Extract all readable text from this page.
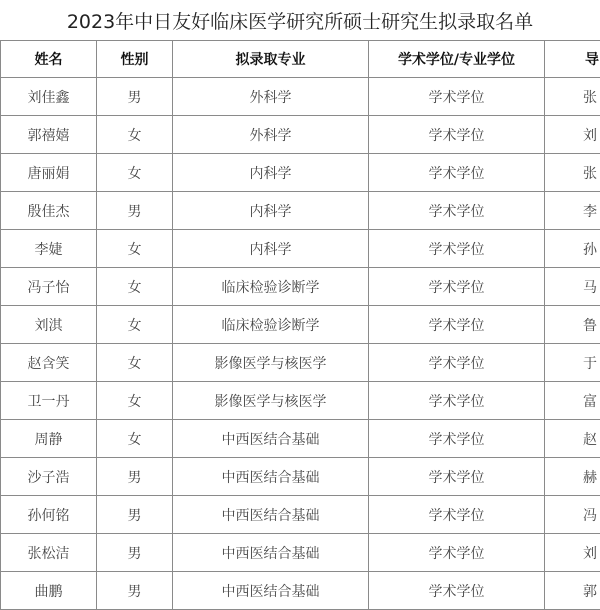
2023年中日友好临床医学研究所硕士研究生拟录取名单
姓名	性别	拟录取专业	学术学位/专业学位	导
刘佳鑫	男	外科学	学术学位	张
郭禧嬉	女	外科学	学术学位	刘
唐丽娟	女	内科学	学术学位	张
殷佳杰	男	内科学	学术学位	李
李婕	女	内科学	学术学位	孙
冯子怡	女	临床检验诊断学	学术学位	马
刘淇	女	临床检验诊断学	学术学位	鲁
赵含笑	女	影像医学与核医学	学术学位	于
卫一丹	女	影像医学与核医学	学术学位	富
周静	女	中西医结合基础	学术学位	赵
沙子浩	男	中西医结合基础	学术学位	赫
孙何铭	男	中西医结合基础	学术学位	冯
张松洁	男	中西医结合基础	学术学位	刘
曲鹏	男	中西医结合基础	学术学位	郭
